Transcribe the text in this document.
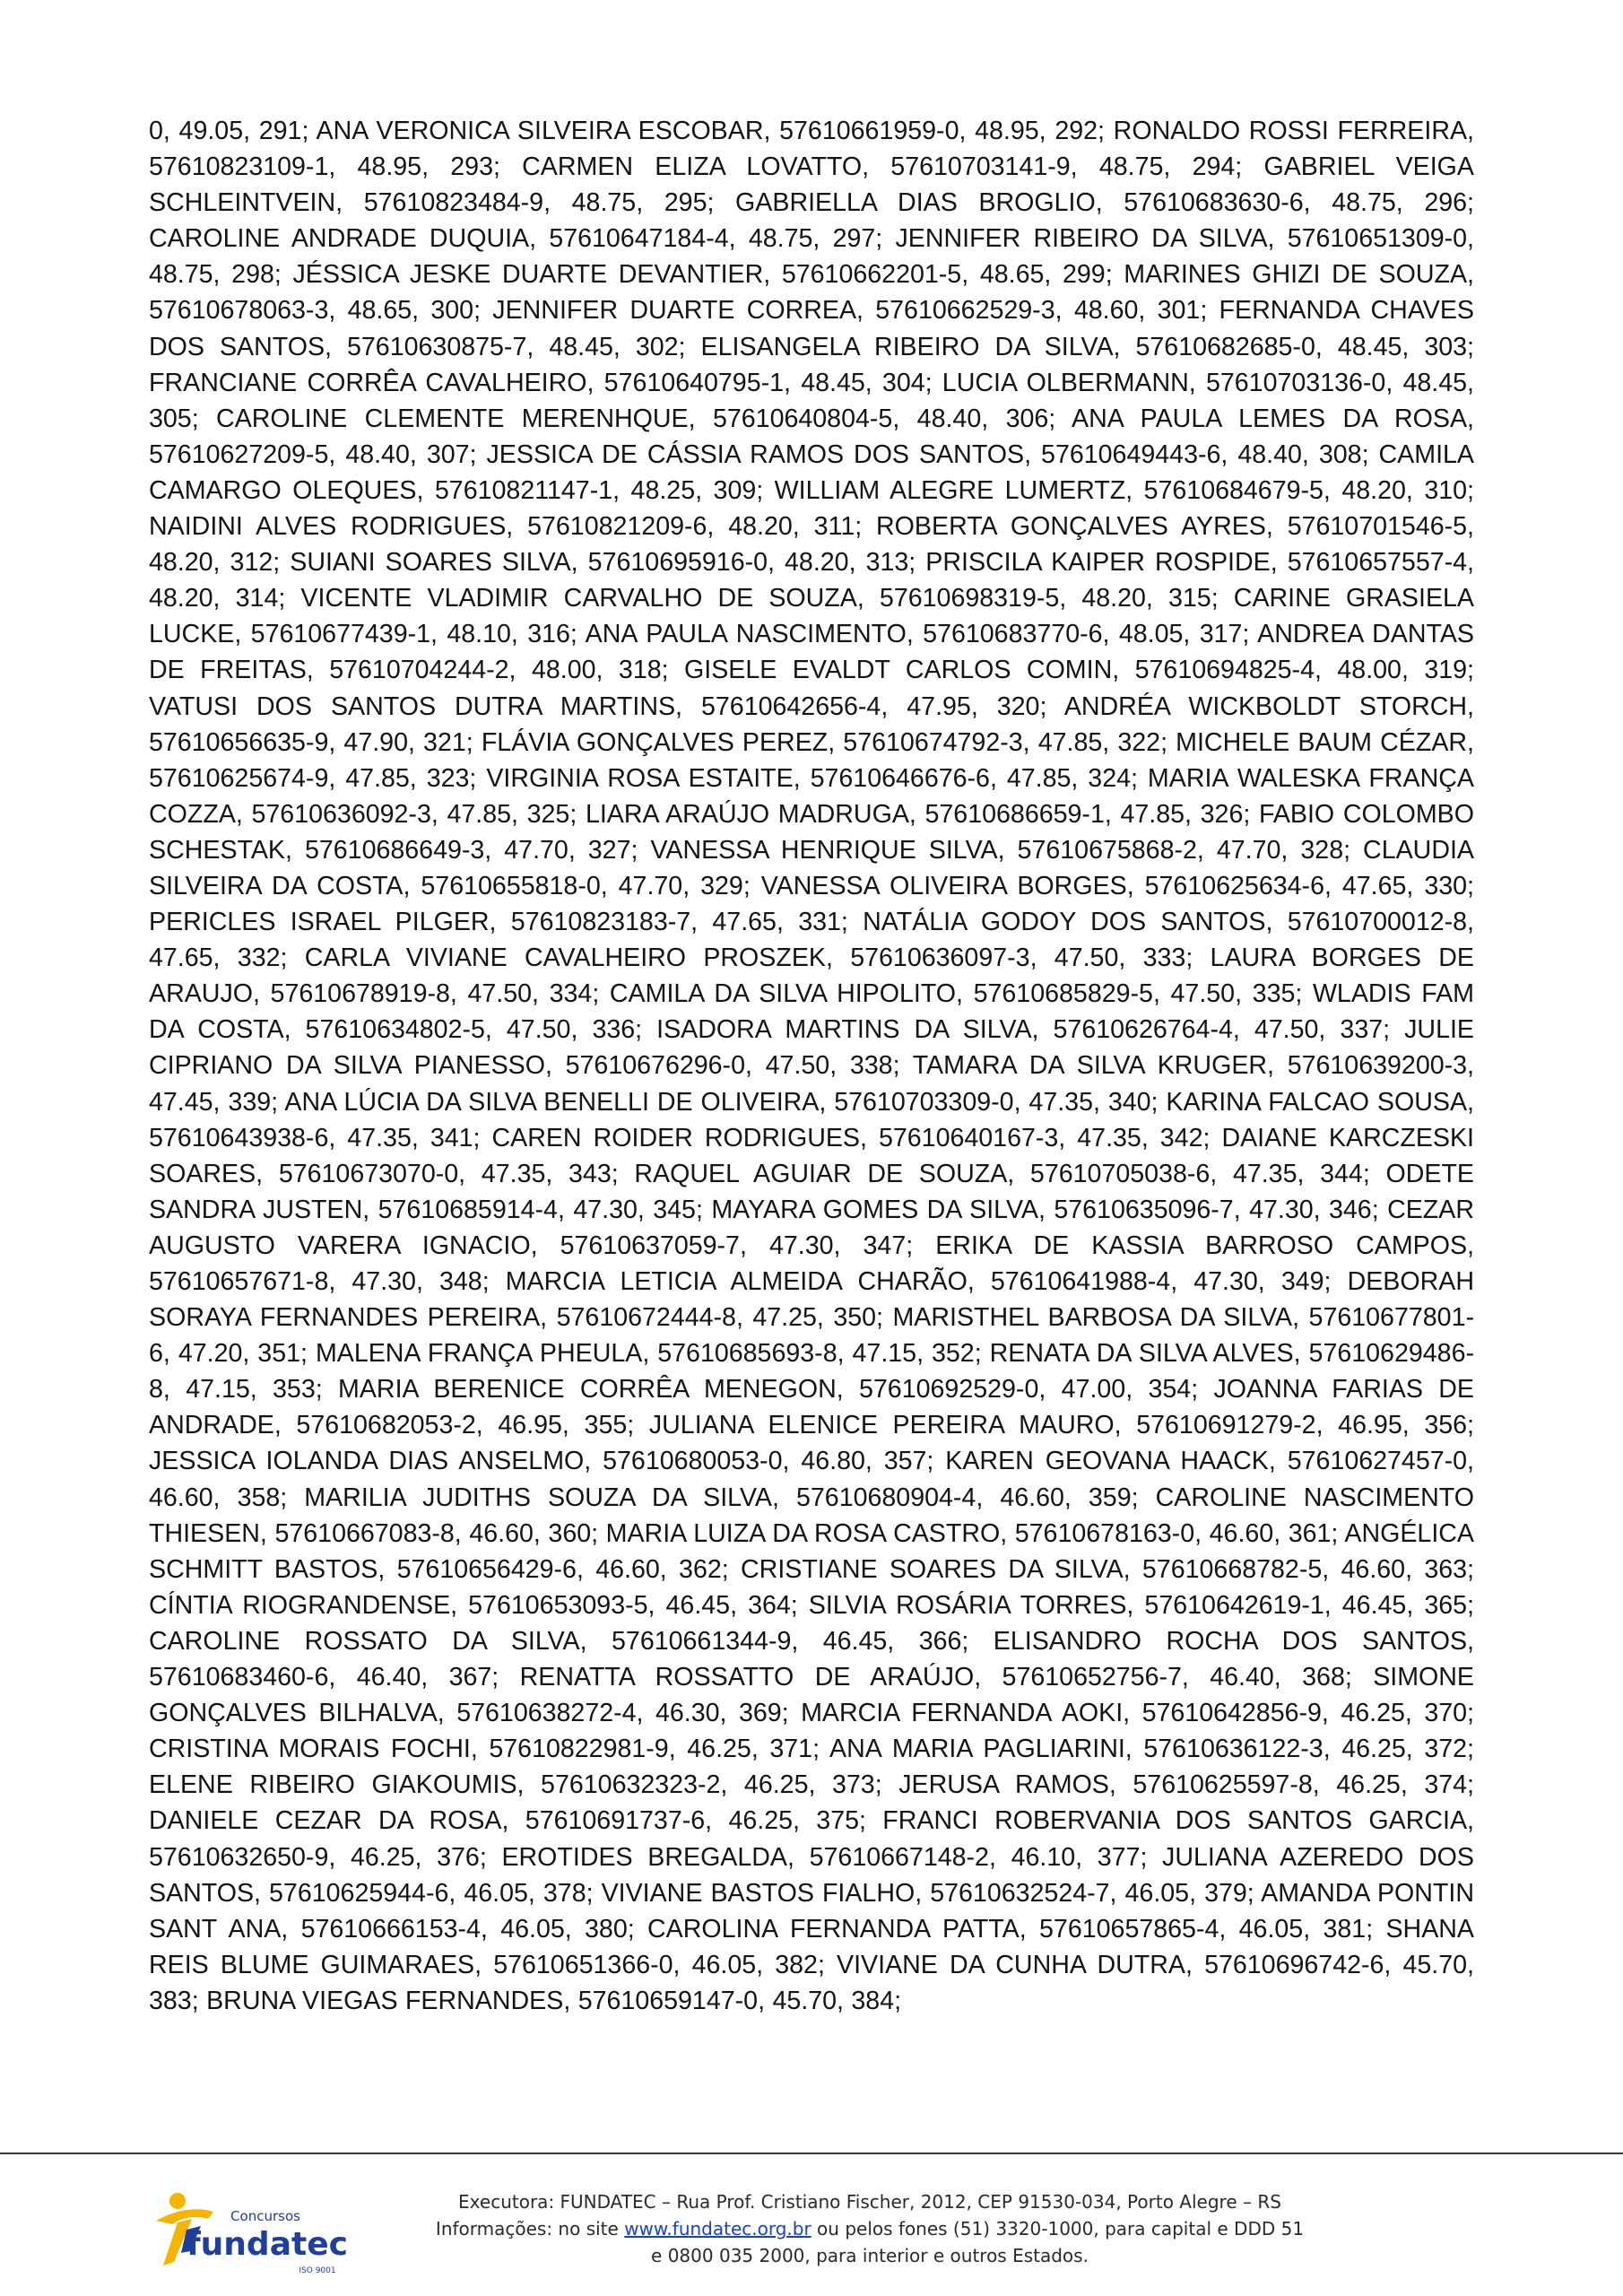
0, 49.05, 291; ANA VERONICA SILVEIRA ESCOBAR, 57610661959-0, 48.95, 292; RONALDO ROSSI FERREIRA, 57610823109-1, 48.95, 293; CARMEN ELIZA LOVATTO, 57610703141-9, 48.75, 294; GABRIEL VEIGA SCHLEINTVEIN, 57610823484-9, 48.75, 295; GABRIELLA DIAS BROGLIO, 57610683630-6, 48.75, 296; CAROLINE ANDRADE DUQUIA, 57610647184-4, 48.75, 297; JENNIFER RIBEIRO DA SILVA, 57610651309-0, 48.75, 298; JÉSSICA JESKE DUARTE DEVANTIER, 57610662201-5, 48.65, 299; MARINES GHIZI DE SOUZA, 57610678063-3, 48.65, 300; JENNIFER DUARTE CORREA, 57610662529-3, 48.60, 301; FERNANDA CHAVES DOS SANTOS, 57610630875-7, 48.45, 302; ELISANGELA RIBEIRO DA SILVA, 57610682685-0, 48.45, 303; FRANCIANE CORRÊA CAVALHEIRO, 57610640795-1, 48.45, 304; LUCIA OLBERMANN, 57610703136-0, 48.45, 305; CAROLINE CLEMENTE MERENHQUE, 57610640804-5, 48.40, 306; ANA PAULA LEMES DA ROSA, 57610627209-5, 48.40, 307; JESSICA DE CÁSSIA RAMOS DOS SANTOS, 57610649443-6, 48.40, 308; CAMILA CAMARGO OLEQUES, 57610821147-1, 48.25, 309; WILLIAM ALEGRE LUMERTZ, 57610684679-5, 48.20, 310; NAIDINI ALVES RODRIGUES, 57610821209-6, 48.20, 311; ROBERTA GONÇALVES AYRES, 57610701546-5, 48.20, 312; SUIANI SOARES SILVA, 57610695916-0, 48.20, 313; PRISCILA KAIPER ROSPIDE, 57610657557-4, 48.20, 314; VICENTE VLADIMIR CARVALHO DE SOUZA, 57610698319-5, 48.20, 315; CARINE GRASIELA LUCKE, 57610677439-1, 48.10, 316; ANA PAULA NASCIMENTO, 57610683770-6, 48.05, 317; ANDREA DANTAS DE FREITAS, 57610704244-2, 48.00, 318; GISELE EVALDT CARLOS COMIN, 57610694825-4, 48.00, 319; VATUSI DOS SANTOS DUTRA MARTINS, 57610642656-4, 47.95, 320; ANDRÉA WICKBOLDT STORCH, 57610656635-9, 47.90, 321; FLÁVIA GONÇALVES PEREZ, 57610674792-3, 47.85, 322; MICHELE BAUM CÉZAR, 57610625674-9, 47.85, 323; VIRGINIA ROSA ESTAITE, 57610646676-6, 47.85, 324; MARIA WALESKA FRANÇA COZZA, 57610636092-3, 47.85, 325; LIARA ARAÚJO MADRUGA, 57610686659-1, 47.85, 326; FABIO COLOMBO SCHESTAK, 57610686649-3, 47.70, 327; VANESSA HENRIQUE SILVA, 57610675868-2, 47.70, 328; CLAUDIA SILVEIRA DA COSTA, 57610655818-0, 47.70, 329; VANESSA OLIVEIRA BORGES, 57610625634-6, 47.65, 330; PERICLES ISRAEL PILGER, 57610823183-7, 47.65, 331; NATÁLIA GODOY DOS SANTOS, 57610700012-8, 47.65, 332; CARLA VIVIANE CAVALHEIRO PROSZEK, 57610636097-3, 47.50, 333; LAURA BORGES DE ARAUJO, 57610678919-8, 47.50, 334; CAMILA DA SILVA HIPOLITO, 57610685829-5, 47.50, 335; WLADIS FAM DA COSTA, 57610634802-5, 47.50, 336; ISADORA MARTINS DA SILVA, 57610626764-4, 47.50, 337; JULIE CIPRIANO DA SILVA PIANESSO, 57610676296-0, 47.50, 338; TAMARA DA SILVA KRUGER, 57610639200-3, 47.45, 339; ANA LÚCIA DA SILVA BENELLI DE OLIVEIRA, 57610703309-0, 47.35, 340; KARINA FALCAO SOUSA, 57610643938-6, 47.35, 341; CAREN ROIDER RODRIGUES, 57610640167-3, 47.35, 342; DAIANE KARCZESKI SOARES, 57610673070-0, 47.35, 343; RAQUEL AGUIAR DE SOUZA, 57610705038-6, 47.35, 344; ODETE SANDRA JUSTEN, 57610685914-4, 47.30, 345; MAYARA GOMES DA SILVA, 57610635096-7, 47.30, 346; CEZAR AUGUSTO VARERA IGNACIO, 57610637059-7, 47.30, 347; ERIKA DE KASSIA BARROSO CAMPOS, 57610657671-8, 47.30, 348; MARCIA LETICIA ALMEIDA CHARÃO, 57610641988-4, 47.30, 349; DEBORAH SORAYA FERNANDES PEREIRA, 57610672444-8, 47.25, 350; MARISTHEL BARBOSA DA SILVA, 57610677801-6, 47.20, 351; MALENA FRANÇA PHEULA, 57610685693-8, 47.15, 352; RENATA DA SILVA ALVES, 57610629486-8, 47.15, 353; MARIA BERENICE CORRÊA MENEGON, 57610692529-0, 47.00, 354; JOANNA FARIAS DE ANDRADE, 57610682053-2, 46.95, 355; JULIANA ELENICE PEREIRA MAURO, 57610691279-2, 46.95, 356; JESSICA IOLANDA DIAS ANSELMO, 57610680053-0, 46.80, 357; KAREN GEOVANA HAACK, 57610627457-0, 46.60, 358; MARILIA JUDITHS SOUZA DA SILVA, 57610680904-4, 46.60, 359; CAROLINE NASCIMENTO THIESEN, 57610667083-8, 46.60, 360; MARIA LUIZA DA ROSA CASTRO, 57610678163-0, 46.60, 361; ANGÉLICA SCHMITT BASTOS, 57610656429-6, 46.60, 362; CRISTIANE SOARES DA SILVA, 57610668782-5, 46.60, 363; CÍNTIA RIOGRANDENSE, 57610653093-5, 46.45, 364; SILVIA ROSÁRIA TORRES, 57610642619-1, 46.45, 365; CAROLINE ROSSATO DA SILVA, 57610661344-9, 46.45, 366; ELISANDRO ROCHA DOS SANTOS, 57610683460-6, 46.40, 367; RENATTA ROSSATTO DE ARAÚJO, 57610652756-7, 46.40, 368; SIMONE GONÇALVES BILHALVA, 57610638272-4, 46.30, 369; MARCIA FERNANDA AOKI, 57610642856-9, 46.25, 370; CRISTINA MORAIS FOCHI, 57610822981-9, 46.25, 371; ANA MARIA PAGLIARINI, 57610636122-3, 46.25, 372; ELENE RIBEIRO GIAKOUMIS, 57610632323-2, 46.25, 373; JERUSA RAMOS, 57610625597-8, 46.25, 374; DANIELE CEZAR DA ROSA, 57610691737-6, 46.25, 375; FRANCI ROBERVANIA DOS SANTOS GARCIA, 57610632650-9, 46.25, 376; EROTIDES BREGALDA, 57610667148-2, 46.10, 377; JULIANA AZEREDO DOS SANTOS, 57610625944-6, 46.05, 378; VIVIANE BASTOS FIALHO, 57610632524-7, 46.05, 379; AMANDA PONTIN SANT ANA, 57610666153-4, 46.05, 380; CAROLINA FERNANDA PATTA, 57610657865-4, 46.05, 381; SHANA REIS BLUME GUIMARAES, 57610651366-0, 46.05, 382; VIVIANE DA CUNHA DUTRA, 57610696742-6, 45.70, 383; BRUNA VIEGAS FERNANDES, 57610659147-0, 45.70, 384;

Concursos
fundatec
ISO 9001
Executora: FUNDATEC – Rua Prof. Cristiano Fischer, 2012, CEP 91530-034, Porto Alegre – RS
Informações: no site www.fundatec.org.br ou pelos fones (51) 3320-1000, para capital e DDD 51
e 0800 035 2000, para interior e outros Estados.
